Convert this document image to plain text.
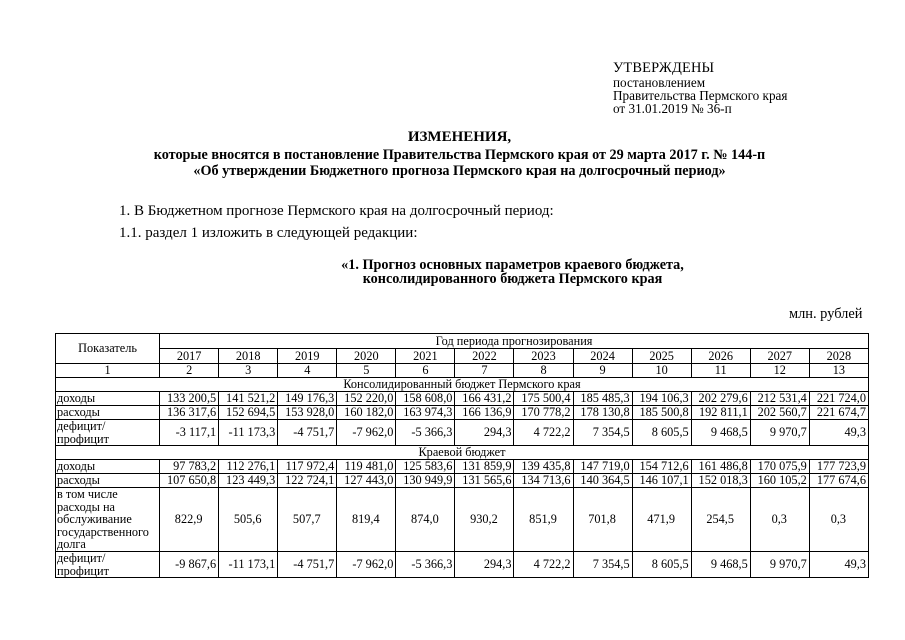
УТВЕРЖДЕНЫ
постановлением
Правительства Пермского края
от 31.01.2019 № 36-п
ИЗМЕНЕНИЯ,
которые вносятся в постановление Правительства Пермского края от 29 марта 2017 г. № 144-п
«Об утверждении Бюджетного прогноза Пермского края на долгосрочный период»
1. В Бюджетном прогнозе Пермского края на долгосрочный период:
1.1. раздел 1 изложить в следующей редакции:
«1. Прогноз основных параметров краевого бюджета,
консолидированного бюджета Пермского края
млн. рублей
Показатель	Год периода прогнозирования											
	2017	2018	2019	2020	2021	2022	2023	2024	2025	2026	2027	2028
1	2	3	4	5	6	7	8	9	10	11	12	13
Консолидированный бюджет Пермского края												
доходы	133 200,5	141 521,2	149 176,3	152 220,0	158 608,0	166 431,2	175 500,4	185 485,3	194 106,3	202 279,6	212 531,4	221 724,0
расходы	136 317,6	152 694,5	153 928,0	160 182,0	163 974,3	166 136,9	170 778,2	178 130,8	185 500,8	192 811,1	202 560,7	221 674,7
дефицит/ профицит	-3 117,1	-11 173,3	-4 751,7	-7 962,0	-5 366,3	294,3	4 722,2	7 354,5	8 605,5	9 468,5	9 970,7	49,3
Краевой бюджет												
доходы	97 783,2	112 276,1	117 972,4	119 481,0	125 583,6	131 859,9	139 435,8	147 719,0	154 712,6	161 486,8	170 075,9	177 723,9
расходы	107 650,8	123 449,3	122 724,1	127 443,0	130 949,9	131 565,6	134 713,6	140 364,5	146 107,1	152 018,3	160 105,2	177 674,6
в том числе расходы на обслуживание государственного долга	822,9	505,6	507,7	819,4	874,0	930,2	851,9	701,8	471,9	254,5	0,3	0,3
дефицит/ профицит	-9 867,6	-11 173,1	-4 751,7	-7 962,0	-5 366,3	294,3	4 722,2	7 354,5	8 605,5	9 468,5	9 970,7	49,3
